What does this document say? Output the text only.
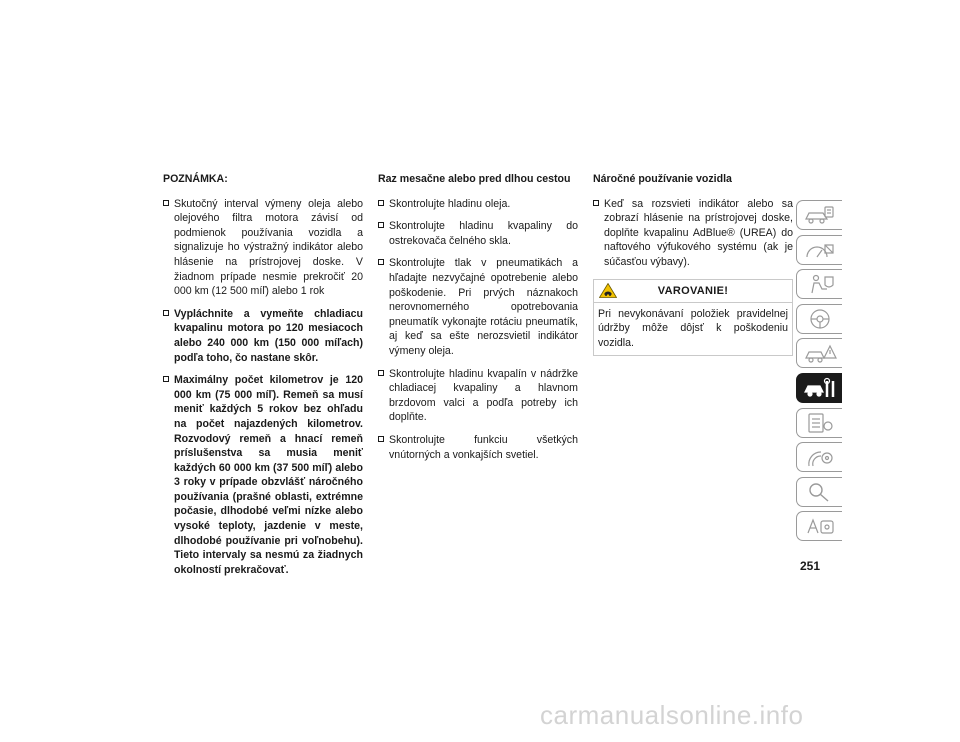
POZNÁMKA:
Skutočný interval výmeny oleja alebo olejového filtra motora závisí od podmienok používania vozidla a signalizuje ho výstražný indikátor alebo hlásenie na prístrojovej doske. V žiadnom prípade nesmie prekročiť 20 000 km (12 500 míľ) alebo 1 rok
Vypláchnite a vymeňte chladiacu kvapalinu motora po 120 mesiacoch alebo 240 000 km (150 000 míľach) podľa toho, čo nastane skôr.
Maximálny počet kilometrov je 120 000 km (75 000 míľ). Remeň sa musí meniť každých 5 rokov bez ohľadu na počet najazdených kilometrov. Rozvodový remeň a hnací remeň príslušenstva sa musia meniť každých 60 000 km (37 500 míľ) alebo 3 roky v prípade obzvlášť náročného používania (prašné oblasti, extrémne počasie, dlhodobé veľmi nízke alebo vysoké teploty, jazdenie v meste, dlhodobé používanie pri voľnobehu). Tieto intervaly sa nesmú za žiadnych okolností prekračovať.
Raz mesačne alebo pred dlhou cestou
Skontrolujte hladinu oleja.
Skontrolujte hladinu kvapaliny do ostrekovača čelného skla.
Skontrolujte tlak v pneumatikách a hľadajte nezvyčajné opotrebenie alebo poškodenie. Pri prvých náznakoch nerovnomerného opotrebovania pneumatík vykonajte rotáciu pneumatík, aj keď sa ešte nerozsvietil indikátor výmeny oleja.
Skontrolujte hladinu kvapalín v nádržke chladiacej kvapaliny a hlavnom brzdovom valci a podľa potreby ich doplňte.
Skontrolujte funkciu všetkých vnútorných a vonkajších svetiel.
Náročné používanie vozidla
Keď sa rozsvieti indikátor alebo sa zobrazí hlásenie na prístrojovej doske, doplňte kvapalinu AdBlue® (UREA) do naftového výfukového systému (ak je súčasťou výbavy).
VAROVANIE!
Pri nevykonávaní položiek pravidelnej údržby môže dôjsť k poškodeniu vozidla.
251
carmanualsonline.info
